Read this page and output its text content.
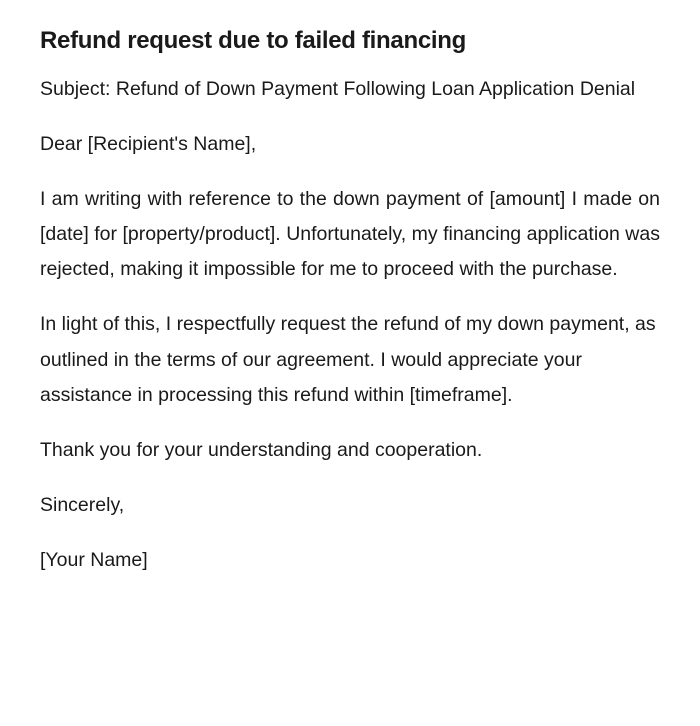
Refund request due to failed financing

Subject: Refund of Down Payment Following Loan Application Denial

Dear [Recipient's Name],

I am writing with reference to the down payment of [amount] I made on [date] for [property/product]. Unfortunately, my financing application was rejected, making it impossible for me to proceed with the purchase.

In light of this, I respectfully request the refund of my down payment, as outlined in the terms of our agreement. I would appreciate your assistance in processing this refund within [timeframe].

Thank you for your understanding and cooperation.

Sincerely,

[Your Name]
